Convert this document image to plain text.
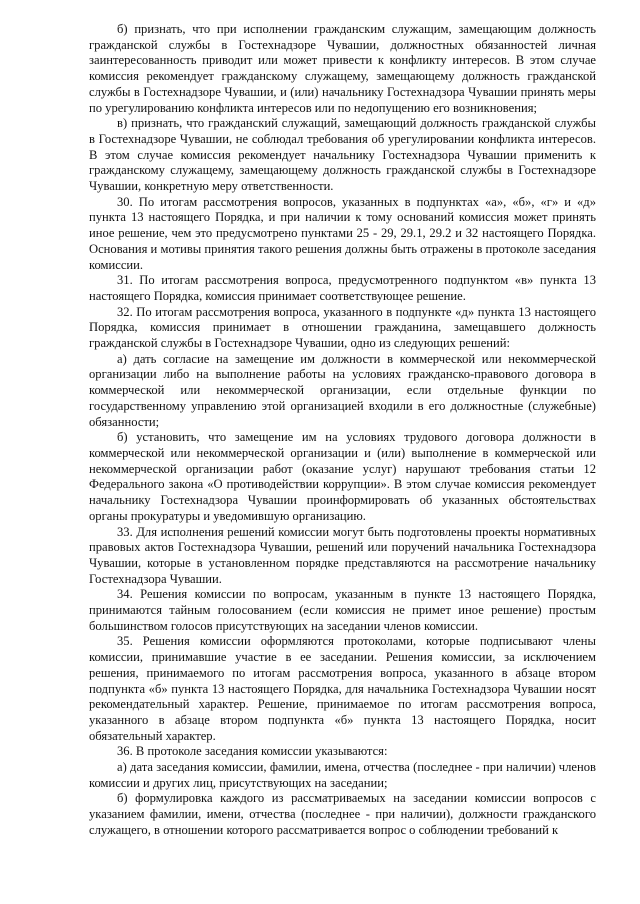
б) признать, что при исполнении гражданским служащим, замещающим должность гражданской службы в Гостехнадзоре Чувашии, должностных обязанностей личная заинтересованность приводит или может привести к конфликту интересов. В этом случае комиссия рекомендует гражданскому служащему, замещающему должность гражданской службы в Гостехнадзоре Чувашии, и (или) начальнику Гостехнадзора Чувашии принять меры по урегулированию конфликта интересов или по недопущению его возникновения;

в) признать, что гражданский служащий, замещающий должность гражданской службы в Гостехнадзоре Чувашии, не соблюдал требования об урегулировании конфликта интересов. В этом случае комиссия рекомендует начальнику Гостехнадзора Чувашии применить к гражданскому служащему, замещающему должность гражданской службы в Гостехнадзоре Чувашии, конкретную меру ответственности.

30. По итогам рассмотрения вопросов, указанных в подпунктах «а», «б», «г» и «д» пункта 13 настоящего Порядка, и при наличии к тому оснований комиссия может принять иное решение, чем это предусмотрено пунктами 25 - 29, 29.1, 29.2 и 32 настоящего Порядка. Основания и мотивы принятия такого решения должны быть отражены в протоколе заседания комиссии.

31. По итогам рассмотрения вопроса, предусмотренного подпунктом «в» пункта 13 настоящего Порядка, комиссия принимает соответствующее решение.

32. По итогам рассмотрения вопроса, указанного в подпункте «д» пункта 13 настоящего Порядка, комиссия принимает в отношении гражданина, замещавшего должность гражданской службы в Гостехнадзоре Чувашии, одно из следующих решений:

а) дать согласие на замещение им должности в коммерческой или некоммерческой организации либо на выполнение работы на условиях гражданско-правового договора в коммерческой или некоммерческой организации, если отдельные функции по государственному управлению этой организацией входили в его должностные (служебные) обязанности;

б) установить, что замещение им на условиях трудового договора должности в коммерческой или некоммерческой организации и (или) выполнение в коммерческой или некоммерческой организации работ (оказание услуг) нарушают требования статьи 12 Федерального закона «О противодействии коррупции». В этом случае комиссия рекомендует начальнику Гостехнадзора Чувашии проинформировать об указанных обстоятельствах органы прокуратуры и уведомившую организацию.

33. Для исполнения решений комиссии могут быть подготовлены проекты нормативных правовых актов Гостехнадзора Чувашии, решений или поручений начальника Гостехнадзора Чувашии, которые в установленном порядке представляются на рассмотрение начальнику Гостехнадзора Чувашии.

34. Решения комиссии по вопросам, указанным в пункте 13 настоящего Порядка, принимаются тайным голосованием (если комиссия не примет иное решение) простым большинством голосов присутствующих на заседании членов комиссии.

35. Решения комиссии оформляются протоколами, которые подписывают члены комиссии, принимавшие участие в ее заседании. Решения комиссии, за исключением решения, принимаемого по итогам рассмотрения вопроса, указанного в абзаце втором подпункта «б» пункта 13 настоящего Порядка, для начальника Гостехнадзора Чувашии носят рекомендательный характер. Решение, принимаемое по итогам рассмотрения вопроса, указанного в абзаце втором подпункта «б» пункта 13 настоящего Порядка, носит обязательный характер.

36. В протоколе заседания комиссии указываются:

а) дата заседания комиссии, фамилии, имена, отчества (последнее - при наличии) членов комиссии и других лиц, присутствующих на заседании;

б) формулировка каждого из рассматриваемых на заседании комиссии вопросов с указанием фамилии, имени, отчества (последнее - при наличии), должности гражданского служащего, в отношении которого рассматривается вопрос о соблюдении требований к
